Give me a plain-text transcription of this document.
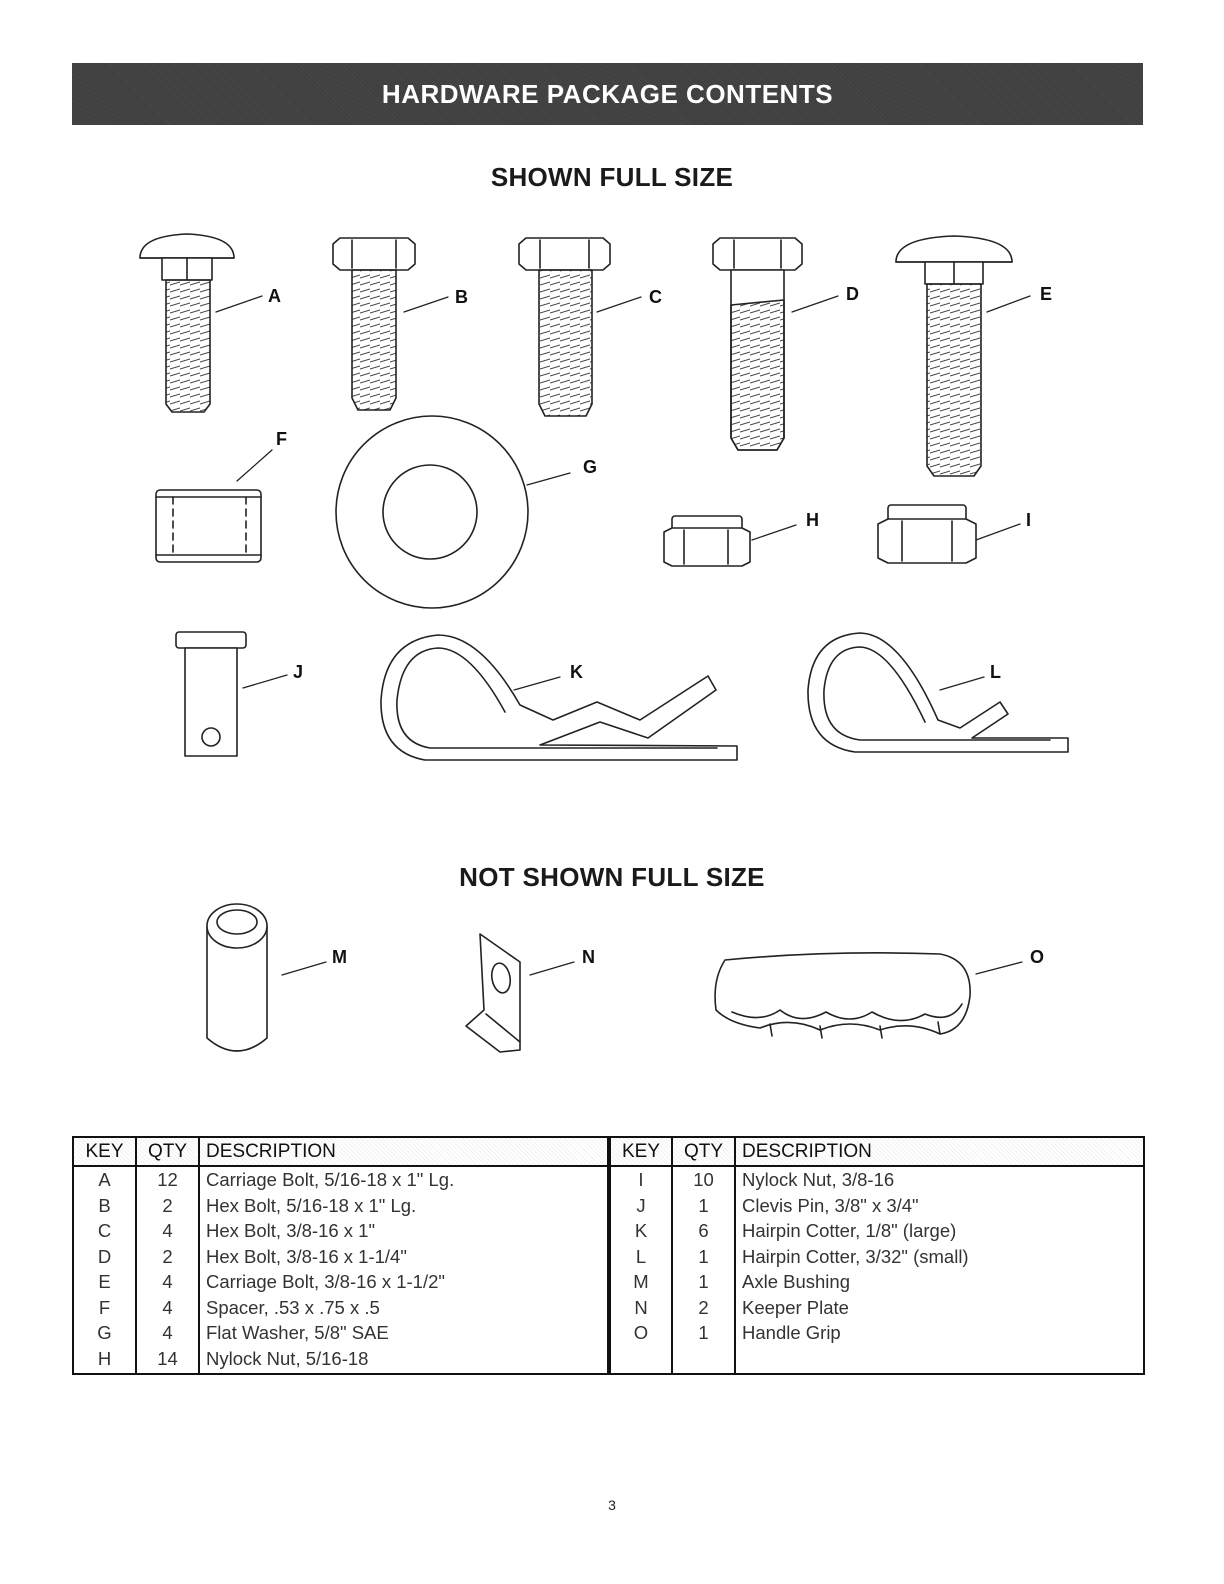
HARDWARE PACKAGE CONTENTS
SHOWN FULL SIZE
NOT SHOWN FULL SIZE
A	B	C	D	E
F
G
H	I
J	K	L
M	N	O
KEY	QTY	DESCRIPTION	KEY	QTY	DESCRIPTION
A	12	Carriage Bolt, 5/16-18 x 1" Lg.	I	10	Nylock Nut, 3/8-16
B	2	Hex Bolt, 5/16-18 x 1" Lg.	J	1	Clevis Pin, 3/8" x 3/4"
C	4	Hex Bolt, 3/8-16 x 1"	K	6	Hairpin Cotter, 1/8" (large)
D	2	Hex Bolt, 3/8-16 x 1-1/4"	L	1	Hairpin Cotter, 3/32" (small)
E	4	Carriage Bolt, 3/8-16 x 1-1/2"	M	1	Axle Bushing
F	4	Spacer, .53 x .75 x .5	N	2	Keeper Plate
G	4	Flat Washer, 5/8" SAE	O	1	Handle Grip
H	14	Nylock Nut, 5/16-18			
3
